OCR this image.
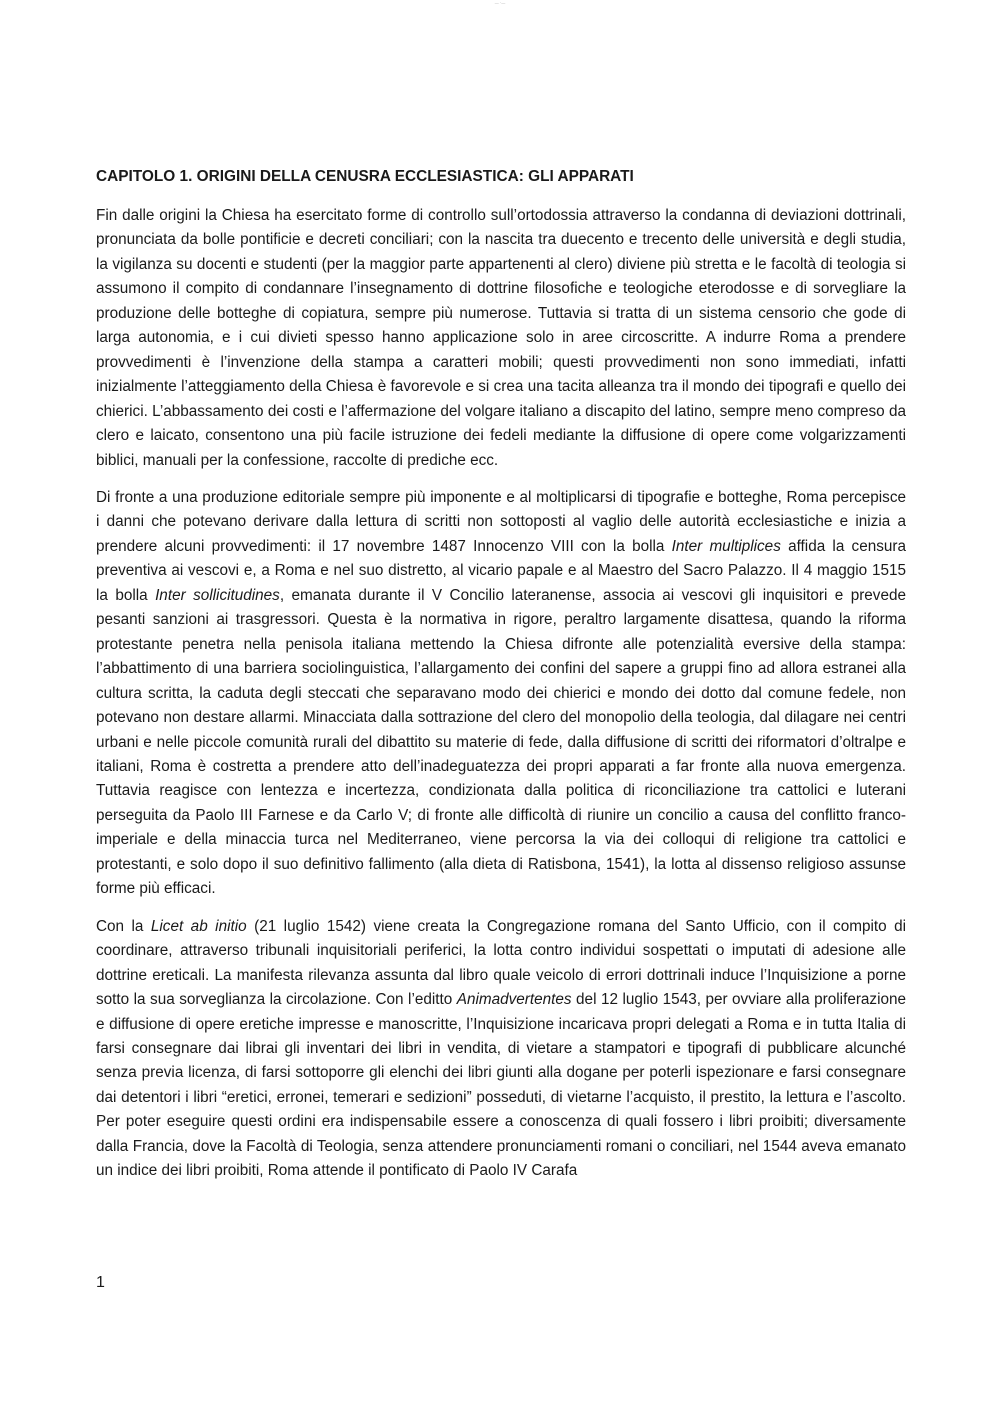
— ·—
CAPITOLO 1. ORIGINI DELLA CENUSRA ECCLESIASTICA: GLI APPARATI

Fin dalle origini la Chiesa ha esercitato forme di controllo sull’ortodossia attraverso la condanna di deviazioni dottrinali, pronunciata da bolle pontificie e decreti conciliari; con la nascita tra duecento e trecento delle università e degli studia, la vigilanza su docenti e studenti (per la maggior parte appartenenti al clero) diviene più stretta e le facoltà di teologia si assumono il compito di condannare l’insegnamento di dottrine filosofiche e teologiche eterodosse e di sorvegliare la produzione delle botteghe di copiatura, sempre più numerose. Tuttavia si tratta di un sistema censorio che gode di larga autonomia, e i cui divieti spesso hanno applicazione solo in aree circoscritte. A indurre Roma a prendere provvedimenti è l’invenzione della stampa a caratteri mobili; questi provvedimenti non sono immediati, infatti inizialmente l’atteggiamento della Chiesa è favorevole e si crea una tacita alleanza tra il mondo dei tipografi e quello dei chierici. L’abbassamento dei costi e l’affermazione del volgare italiano a discapito del latino, sempre meno compreso da clero e laicato, consentono una più facile istruzione dei fedeli mediante la diffusione di opere come volgarizzamenti biblici, manuali per la confessione, raccolte di prediche ecc.

Di fronte a una produzione editoriale sempre più imponente e al moltiplicarsi di tipografie e botteghe, Roma percepisce i danni che potevano derivare dalla lettura di scritti non sottoposti al vaglio delle autorità ecclesiastiche e inizia a prendere alcuni provvedimenti: il 17 novembre 1487 Innocenzo VIII con la bolla Inter multiplices affida la censura preventiva ai vescovi e, a Roma e nel suo distretto, al vicario papale e al Maestro del Sacro Palazzo. Il 4 maggio 1515 la bolla Inter sollicitudines, emanata durante il V Concilio lateranense, associa ai vescovi gli inquisitori e prevede pesanti sanzioni ai trasgressori. Questa è la normativa in rigore, peraltro largamente disattesa, quando la riforma protestante penetra nella penisola italiana mettendo la Chiesa difronte alle potenzialità eversive della stampa: l’abbattimento di una barriera sociolinguistica, l’allargamento dei confini del sapere a gruppi fino ad allora estranei alla cultura scritta, la caduta degli steccati che separavano modo dei chierici e mondo dei dotto dal comune fedele, non potevano non destare allarmi. Minacciata dalla sottrazione del clero del monopolio della teologia, dal dilagare nei centri urbani e nelle piccole comunità rurali del dibattito su materie di fede, dalla diffusione di scritti dei riformatori d’oltralpe e italiani, Roma è costretta a prendere atto dell’inadeguatezza dei propri apparati a far fronte alla nuova emergenza. Tuttavia reagisce con lentezza e incertezza, condizionata dalla politica di riconciliazione tra cattolici e luterani perseguita da Paolo III Farnese e da Carlo V; di fronte alle difficoltà di riunire un concilio a causa del conflitto franco-imperiale e della minaccia turca nel Mediterraneo, viene percorsa la via dei colloqui di religione tra cattolici e protestanti, e solo dopo il suo definitivo fallimento (alla dieta di Ratisbona, 1541), la lotta al dissenso religioso assunse forme più efficaci.

Con la Licet ab initio (21 luglio 1542) viene creata la Congregazione romana del Santo Ufficio, con il compito di coordinare, attraverso tribunali inquisitoriali periferici, la lotta contro individui sospettati o imputati di adesione alle dottrine ereticali. La manifesta rilevanza assunta dal libro quale veicolo di errori dottrinali induce l’Inquisizione a porne sotto la sua sorveglianza la circolazione. Con l’editto Animadvertentes del 12 luglio 1543, per ovviare alla proliferazione e diffusione di opere eretiche impresse e manoscritte, l’Inquisizione incaricava propri delegati a Roma e in tutta Italia di farsi consegnare dai librai gli inventari dei libri in vendita, di vietare a stampatori e tipografi di pubblicare alcunché senza previa licenza, di farsi sottoporre gli elenchi dei libri giunti alla dogane per poterli ispezionare e farsi consegnare dai detentori i libri “eretici, erronei, temerari e sedizioni” posseduti, di vietarne l’acquisto, il prestito, la lettura e l’ascolto. Per poter eseguire questi ordini era indispensabile essere a conoscenza di quali fossero i libri proibiti; diversamente dalla Francia, dove la Facoltà di Teologia, senza attendere pronunciamenti romani o conciliari, nel 1544 aveva emanato un indice dei libri proibiti, Roma attende il pontificato di Paolo IV Carafa

1
